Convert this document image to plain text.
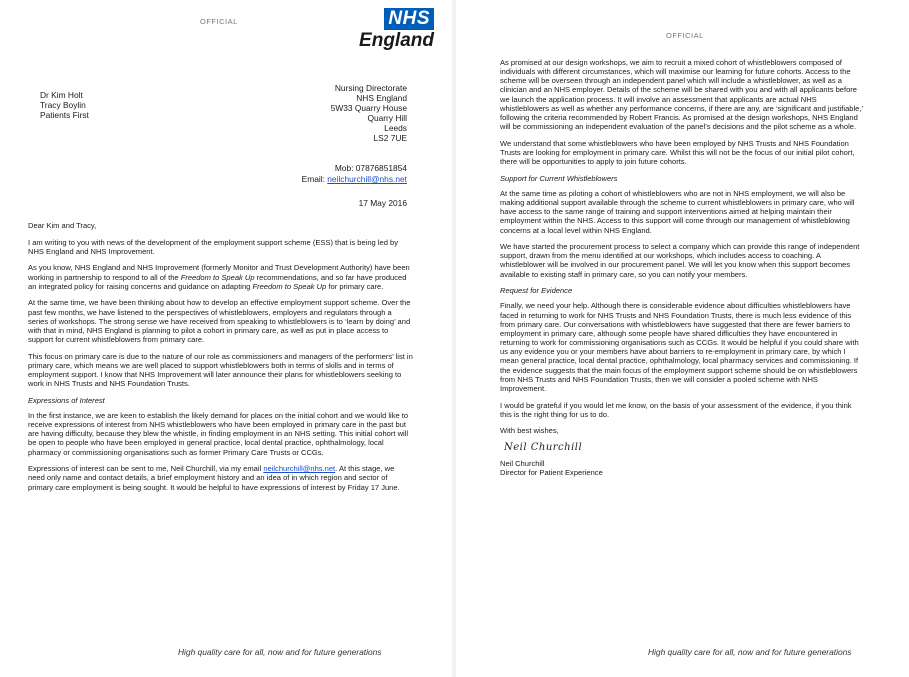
OFFICIAL	NHS
England
Dr Kim Holt
Tracy Boylin
Patients First
Nursing Directorate
NHS England
5W33 Quarry House
Quarry Hill
Leeds
LS2 7UE
Mob: 07876851854
Email: neilchurchill@nhs.net
17 May 2016

Dear Kim and Tracy,

I am writing to you with news of the development of the employment support scheme (ESS) that is being led by NHS England and NHS Improvement.

As you know, NHS England and NHS Improvement (formerly Monitor and Trust Development Authority) have been working in partnership to respond to all of the Freedom to Speak Up recommendations, and so far have produced an integrated policy for raising concerns and guidance on adapting Freedom to Speak Up for primary care.

At the same time, we have been thinking about how to develop an effective employment support scheme. Over the past few months, we have listened to the perspectives of whistleblowers, employers and regulators through a series of workshops. The strong sense we have received from speaking to whistleblowers is to ‘learn by doing’ and with that in mind, NHS England is planning to pilot a cohort in primary care, as well as put in place access to support for current whistleblowers from primary care.

This focus on primary care is due to the nature of our role as commissioners and managers of the performers’ list in primary care, which means we are well placed to support whistleblowers both in terms of skills and in terms of employment support. I know that NHS Improvement will later announce their plans for whistleblowers seeking to work in NHS Trusts and NHS Foundation Trusts.

Expressions of Interest

In the first instance, we are keen to establish the likely demand for places on the initial cohort and we would like to receive expressions of interest from NHS whistleblowers who have been employed in primary care in the past but are having difficulty, because they blew the whistle, in finding employment in an NHS setting. This initial cohort will be open to people who have been employed in general practice, local dental practice, ophthalmology, local pharmacy or commissioning organisations such as former Primary Care Trusts or CCGs.

Expressions of interest can be sent to me, Neil Churchill, via my email neilchurchill@nhs.net. At this stage, we need only name and contact details, a brief employment history and an idea of in which region and sector of primary care employment is being sought. It would be helpful to have expressions of interest by Friday 17 June.

High quality care for all, now and for future generations
OFFICIAL

As promised at our design workshops, we aim to recruit a mixed cohort of whistleblowers composed of individuals with different circumstances, which will maximise our learning for future cohorts. Access to the scheme will be overseen through an independent panel which will include a whistleblower, as well as a clinician and an NHS employer. Details of the scheme will be shared with you and with all applicants before we launch the application process. It will involve an assessment that applicants are actual NHS whistleblowers as well as whether any performance concerns, if there are any, are ‘significant and justifiable,’ following the criteria recommended by Robert Francis. As promised at the design workshops, NHS England will be commissioning an independent evaluation of the panel’s decisions and the pilot scheme as a whole.

We understand that some whistleblowers who have been employed by NHS Trusts and NHS Foundation Trusts are looking for employment in primary care. Whilst this will not be the focus of our initial pilot cohort, there will be opportunities to apply to join future cohorts.

Support for Current Whistleblowers

At the same time as piloting a cohort of whistleblowers who are not in NHS employment, we will also be making additional support available through the scheme to current whistleblowers in primary care, who will have access to the same range of training and support interventions aimed at helping maintain their employment within the NHS. Access to this support will come through our management of whistleblowing concerns at a local level within NHS England.

We have started the procurement process to select a company which can provide this range of independent support, drawn from the menu identified at our workshops, which includes access to coaching. A whistleblower will be involved in our procurement panel. We will let you know when this support becomes available to existing staff in primary care, so you can notify your members.

Request for Evidence

Finally, we need your help. Although there is considerable evidence about difficulties whistleblowers have faced in returning to work for NHS Trusts and NHS Foundation Trusts, there is much less evidence of this from primary care. Our conversations with whistleblowers have suggested that there are fewer barriers to employment in primary care, although some people have shared difficulties they have encountered in returning to work for commissioning organisations such as CCGs. It would be helpful if you could share with us any evidence you or your members have about barriers to re-employment in primary care, by which I mean general practice, local dental practice, ophthalmology, local pharmacy services and commissioning. If the evidence suggests that the main focus of the employment support scheme should be on whistleblowers from NHS Trusts and NHS Foundation Trusts, then we will consider a pooled scheme with NHS Improvement.

I would be grateful if you would let me know, on the basis of your assessment of the evidence, if you think this is the right thing for us to do.

With best wishes,

Neil Churchill
Neil Churchill
Director for Patient Experience
High quality care for all, now and for future generations
